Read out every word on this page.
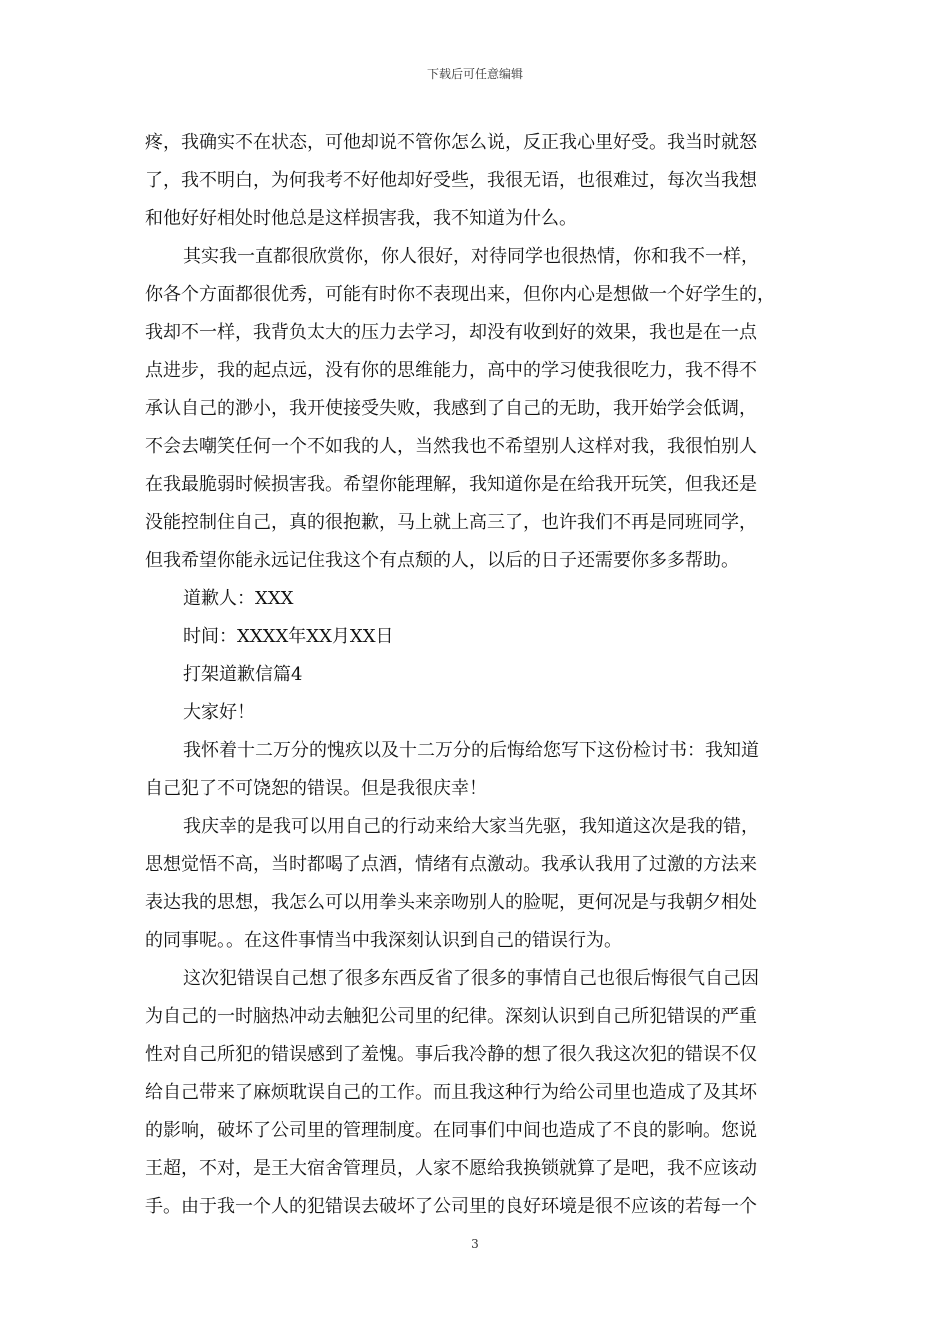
下载后可任意编辑
疼，我确实不在状态，可他却说不管你怎么说，反正我心里好受。我当时就怒
了，我不明白，为何我考不好他却好受些，我很无语，也很难过，每次当我想
和他好好相处时他总是这样损害我，我不知道为什么。
其实我一直都很欣赏你，你人很好，对待同学也很热情，你和我不一样，
你各个方面都很优秀，可能有时你不表现出来，但你内心是想做一个好学生的，
我却不一样，我背负太大的压力去学习，却没有收到好的效果，我也是在一点
点进步，我的起点远，没有你的思维能力，高中的学习使我很吃力，我不得不
承认自己的渺小，我开使接受失败，我感到了自己的无助，我开始学会低调，
不会去嘲笑任何一个不如我的人，当然我也不希望别人这样对我，我很怕别人
在我最脆弱时候损害我。希望你能理解，我知道你是在给我开玩笑，但我还是
没能控制住自己，真的很抱歉，马上就上高三了，也许我们不再是同班同学，
但我希望你能永远记住我这个有点颓的人，以后的日子还需要你多多帮助。
道歉人：XXX
时间：XXXX年XX月XX日
打架道歉信篇4
大家好！
我怀着十二万分的愧疚以及十二万分的后悔给您写下这份检讨书：我知道
自己犯了不可饶恕的错误。但是我很庆幸！
我庆幸的是我可以用自己的行动来给大家当先驱，我知道这次是我的错，
思想觉悟不高，当时都喝了点酒，情绪有点激动。我承认我用了过激的方法来
表达我的思想，我怎么可以用拳头来亲吻别人的脸呢，更何况是与我朝夕相处
的同事呢。。在这件事情当中我深刻认识到自己的错误行为。
这次犯错误自己想了很多东西反省了很多的事情自己也很后悔很气自己因
为自己的一时脑热冲动去触犯公司里的纪律。深刻认识到自己所犯错误的严重
性对自己所犯的错误感到了羞愧。事后我冷静的想了很久我这次犯的错误不仅
给自己带来了麻烦耽误自己的工作。而且我这种行为给公司里也造成了及其坏
的影响，破坏了公司里的管理制度。在同事们中间也造成了不良的影响。您说
王超，不对，是王大宿舍管理员，人家不愿给我换锁就算了是吧，我不应该动
手。由于我一个人的犯错误去破坏了公司里的良好环境是很不应该的若每一个
3
